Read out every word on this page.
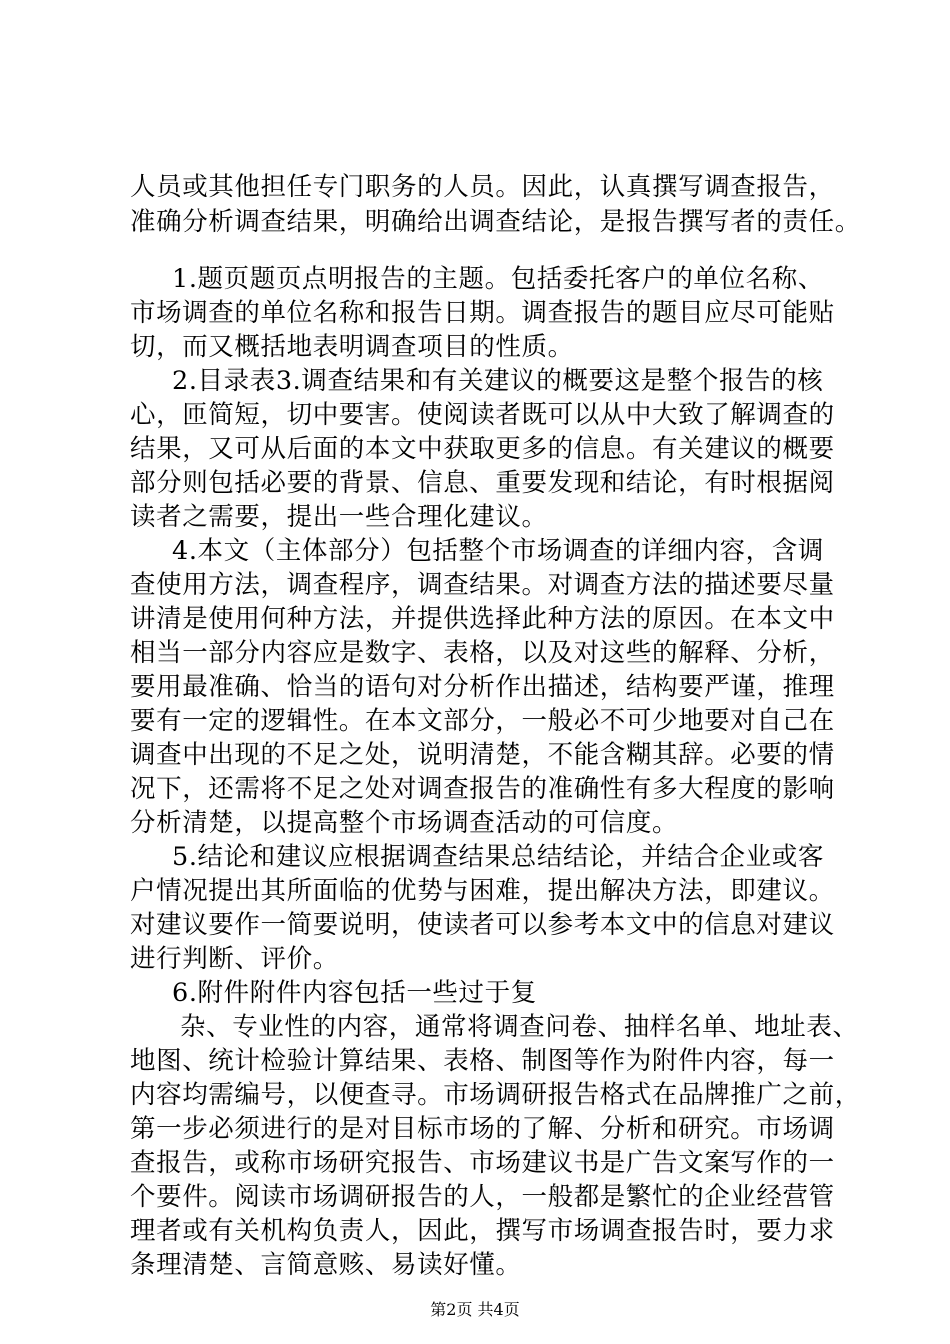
人员或其他担任专门职务的人员。因此，认真撰写调查报告，
准确分析调查结果，明确给出调查结论，是报告撰写者的责任。
1.题页题页点明报告的主题。包括委托客户的单位名称、
市场调查的单位名称和报告日期。调查报告的题目应尽可能贴
切，而又概括地表明调查项目的性质。
2.目录表3.调查结果和有关建议的概要这是整个报告的核
心，匝简短，切中要害。使阅读者既可以从中大致了解调查的
结果，又可从后面的本文中获取更多的信息。有关建议的概要
部分则包括必要的背景、信息、重要发现和结论，有时根据阅
读者之需要，提出一些合理化建议。
4.本文（主体部分）包括整个市场调查的详细内容，含调
查使用方法，调查程序，调查结果。对调查方法的描述要尽量
讲清是使用何种方法，并提供选择此种方法的原因。在本文中
相当一部分内容应是数字、表格，以及对这些的解释、分析，
要用最准确、恰当的语句对分析作出描述，结构要严谨，推理
要有一定的逻辑性。在本文部分，一般必不可少地要对自己在
调查中出现的不足之处，说明清楚，不能含糊其辞。必要的情
况下，还需将不足之处对调查报告的准确性有多大程度的影响
分析清楚，以提高整个市场调查活动的可信度。
5.结论和建议应根据调查结果总结结论，并结合企业或客
户情况提出其所面临的优势与困难，提出解决方法，即建议。
对建议要作一简要说明，使读者可以参考本文中的信息对建议
进行判断、评价。
6.附件附件内容包括一些过于复
杂、专业性的内容，通常将调查问卷、抽样名单、地址表、
地图、统计检验计算结果、表格、制图等作为附件内容，每一
内容均需编号，以便查寻。市场调研报告格式在品牌推广之前，
第一步必须进行的是对目标市场的了解、分析和研究。市场调
查报告，或称市场研究报告、市场建议书是广告文案写作的一
个要件。阅读市场调研报告的人，一般都是繁忙的企业经营管
理者或有关机构负责人，因此，撰写市场调查报告时，要力求
条理清楚、言简意赅、易读好懂。
第2页 共4页
